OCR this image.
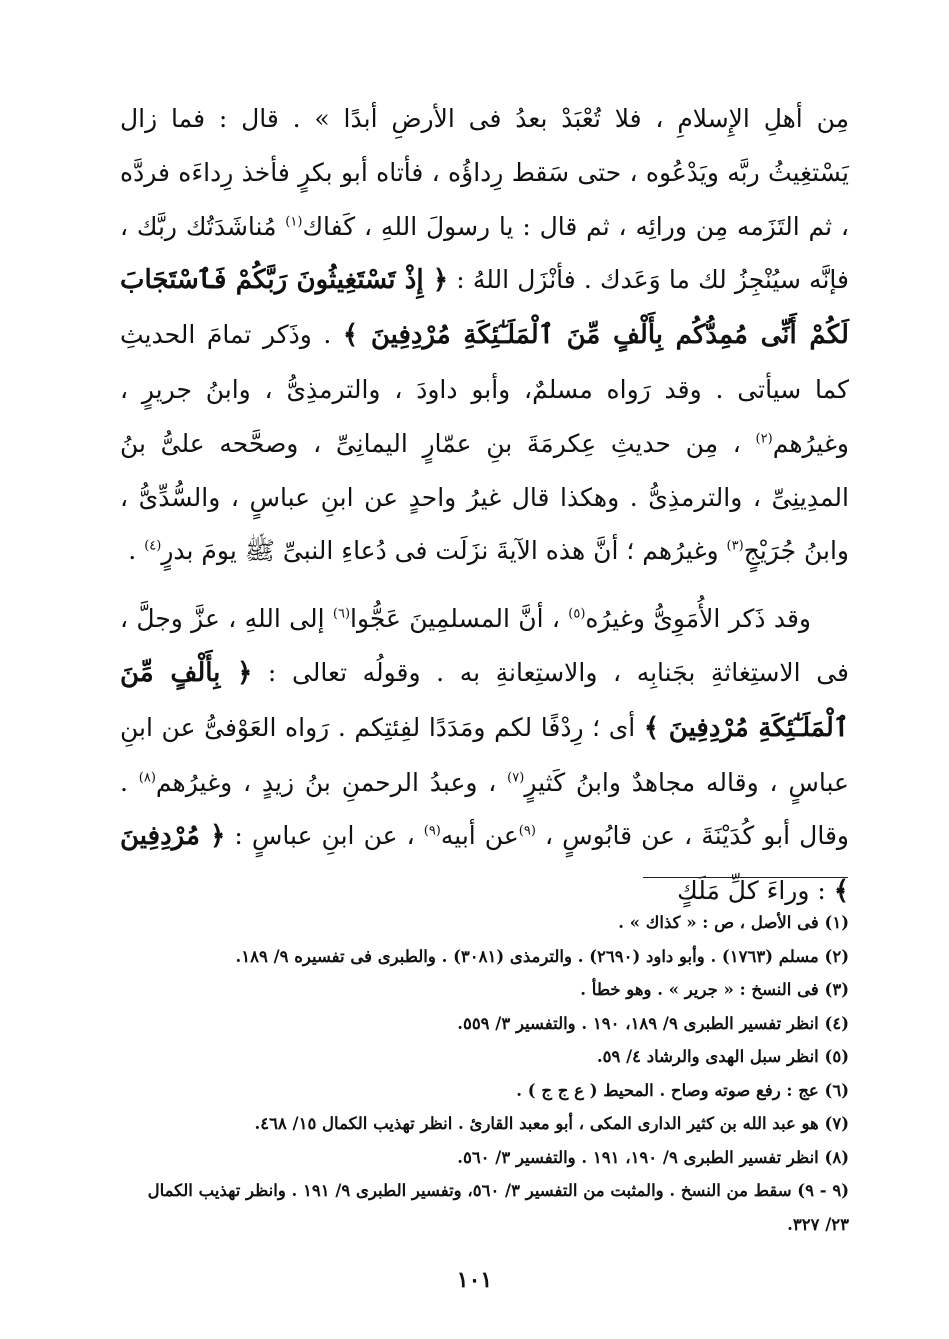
مِن أهلِ الإِسلامِ ، فلا تُعْبَدْ بعدُ فى الأرضِ أبدًا » . قال : فما زال يَسْتغِيثُ ربَّه ويَدْعُوه ، حتى سَقط رِداؤُه ، فأتاه أبو بكرٍ فأخذ رِداءَه فردَّه ، ثم التَزَمه مِن ورائِه ، ثم قال : يا رسولَ اللهِ ، كَفاك$^{(١)}$ مُناشَدَتُك ربَّك ، فإنَّه سيُنْجِزُ لك ما وَعَدك . فأنْزَل اللهُ : ﴿ إِذْ تَسْتَغِيثُونَ رَبَّكُمْ فَٱسْتَجَابَ لَكُمْ أَنِّى مُمِدُّكُم بِأَلْفٍ مِّنَ ٱلْمَلَـٰٓئِكَةِ مُرْدِفِينَ ﴾ . وذَكر تمامَ الحديثِ كما سيأتى . وقد رَواه مسلمٌ، وأبو داودَ ، والترمذِىُّ ، وابنُ جريرٍ ، وغيرُهم$^{(٢)}$ ، مِن حديثِ عِكرمَةَ بنِ عمّارٍ اليمانِىِّ ، وصحَّحه علىُّ بنُ المدِينِىِّ ، والترمذِىُّ . وهكذا قال غيرُ واحدٍ عن ابنِ عباسٍ ، والسُّدِّىُّ ، وابنُ جُرَيْجٍ$^{(٣)}$ وغيرُهم ؛ أنَّ هذه الآيةَ نزَلَت فى دُعاءِ النبىِّ ﷺ يومَ بدرٍ$^{(٤)}$ .

وقد ذَكر الأُمَوِىُّ وغيرُه$^{(٥)}$ ، أنَّ المسلمِينَ عَجُّوا$^{(٦)}$ إلى اللهِ ، عزَّ وجلَّ ، فى الاستِغاثةِ بجَنابِه ، والاستِعانةِ به . وقولُه تعالى : ﴿ بِأَلْفٍ مِّنَ ٱلْمَلَـٰٓئِكَةِ مُرْدِفِينَ ﴾ أى ؛ رِدْفًا لكم ومَدَدًا لفِئتِكم . رَواه العَوْفىُّ عن ابنِ عباسٍ ، وقاله مجاهدٌ وابنُ كَثيرٍ$^{(٧)}$ ، وعبدُ الرحمنِ بنُ زيدٍ ، وغيرُهم$^{(٨)}$ . وقال أبو كُدَيْنَةَ ، عن قابُوسٍ ، $^{(٩)}$عن أبيه$^{(٩)}$ ، عن ابنِ عباسٍ : ﴿ مُرْدِفِينَ ﴾ : وراءَ كلِّ مَلَكٍ

(١) فى الأصل ، ص : « كذاك » .

(٢) مسلم (١٧٦٣) . وأبو داود (٢٦٩٠) . والترمذى (٣٠٨١) . والطبرى فى تفسيره ٩/ ١٨٩.

(٣) فى النسخ : « جرير » . وهو خطأ .

(٤) انظر تفسير الطبرى ٩/ ١٨٩، ١٩٠ . والتفسير ٣/ ٥٥٩.

(٥) انظر سبل الهدى والرشاد ٤/ ٥٩.

(٦) عج : رفع صوته وصاح . المحيط ( ع ج ج ) .

(٧) هو عبد الله بن كثير الدارى المكى ، أبو معبد القارئ . انظر تهذيب الكمال ١٥/ ٤٦٨.

(٨) انظر تفسير الطبرى ٩/ ١٩٠، ١٩١ . والتفسير ٣/ ٥٦٠.

(٩ - ٩) سقط من النسخ . والمثبت من التفسير ٣/ ٥٦٠، وتفسير الطبرى ٩/ ١٩١ . وانظر تهذيب الكمال ٢٣/ ٣٢٧.

١٠١
